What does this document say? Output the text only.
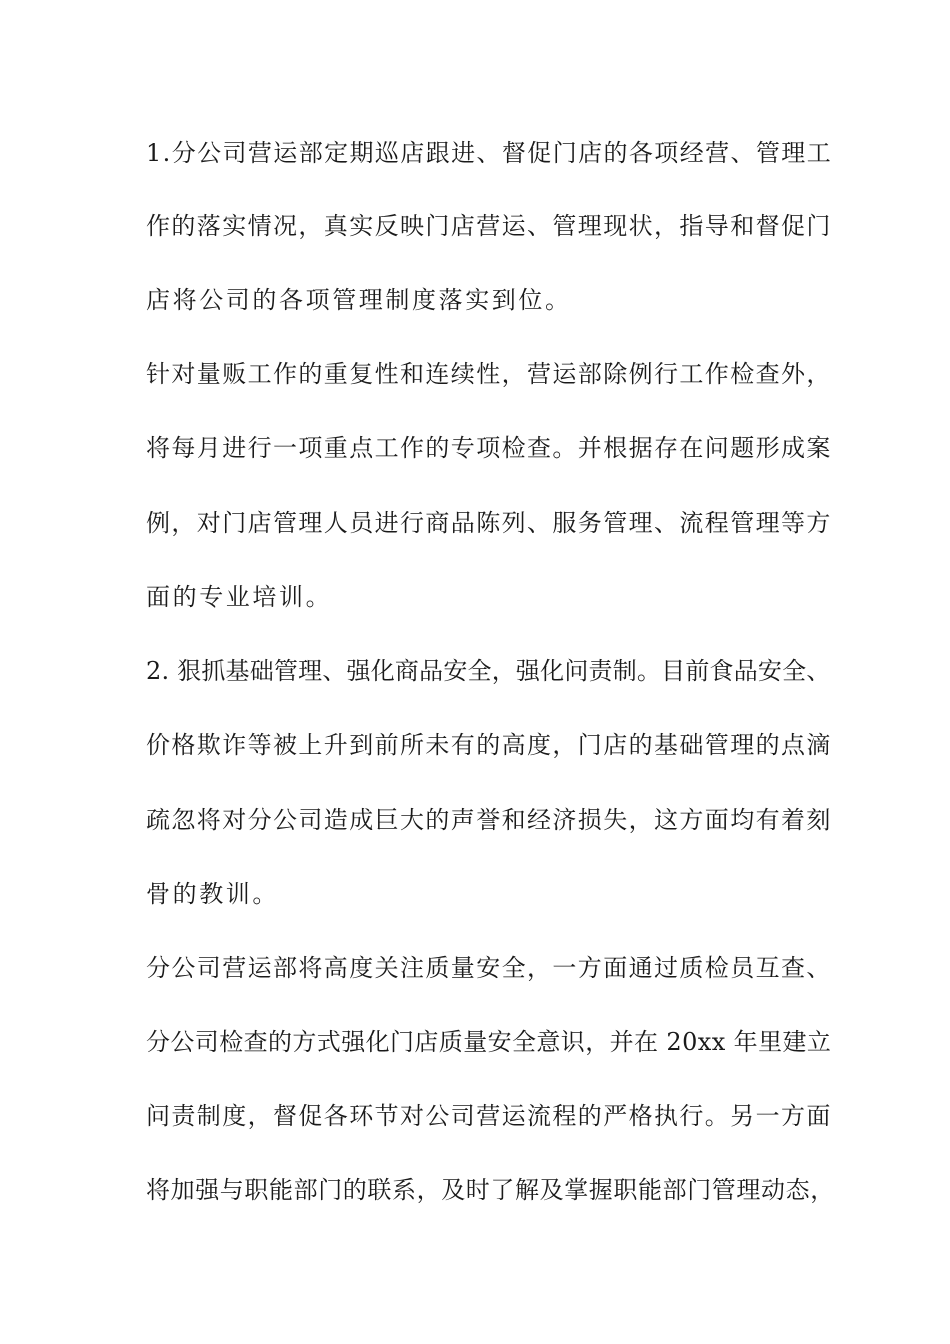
1.分公司营运部定期巡店跟进、督促门店的各项经营、管理工
作的落实情况，真实反映门店营运、管理现状，指导和督促门
店将公司的各项管理制度落实到位。
针对量贩工作的重复性和连续性，营运部除例行工作检查外，
将每月进行一项重点工作的专项检查。并根据存在问题形成案
例，对门店管理人员进行商品陈列、服务管理、流程管理等方
面的专业培训。
2. 狠抓基础管理、强化商品安全，强化问责制。目前食品安全、
价格欺诈等被上升到前所未有的高度，门店的基础管理的点滴
疏忽将对分公司造成巨大的声誉和经济损失，这方面均有着刻
骨的教训。
分公司营运部将高度关注质量安全，一方面通过质检员互查、
分公司检查的方式强化门店质量安全意识，并在 20xx 年里建立
问责制度，督促各环节对公司营运流程的严格执行。另一方面
将加强与职能部门的联系，及时了解及掌握职能部门管理动态，
